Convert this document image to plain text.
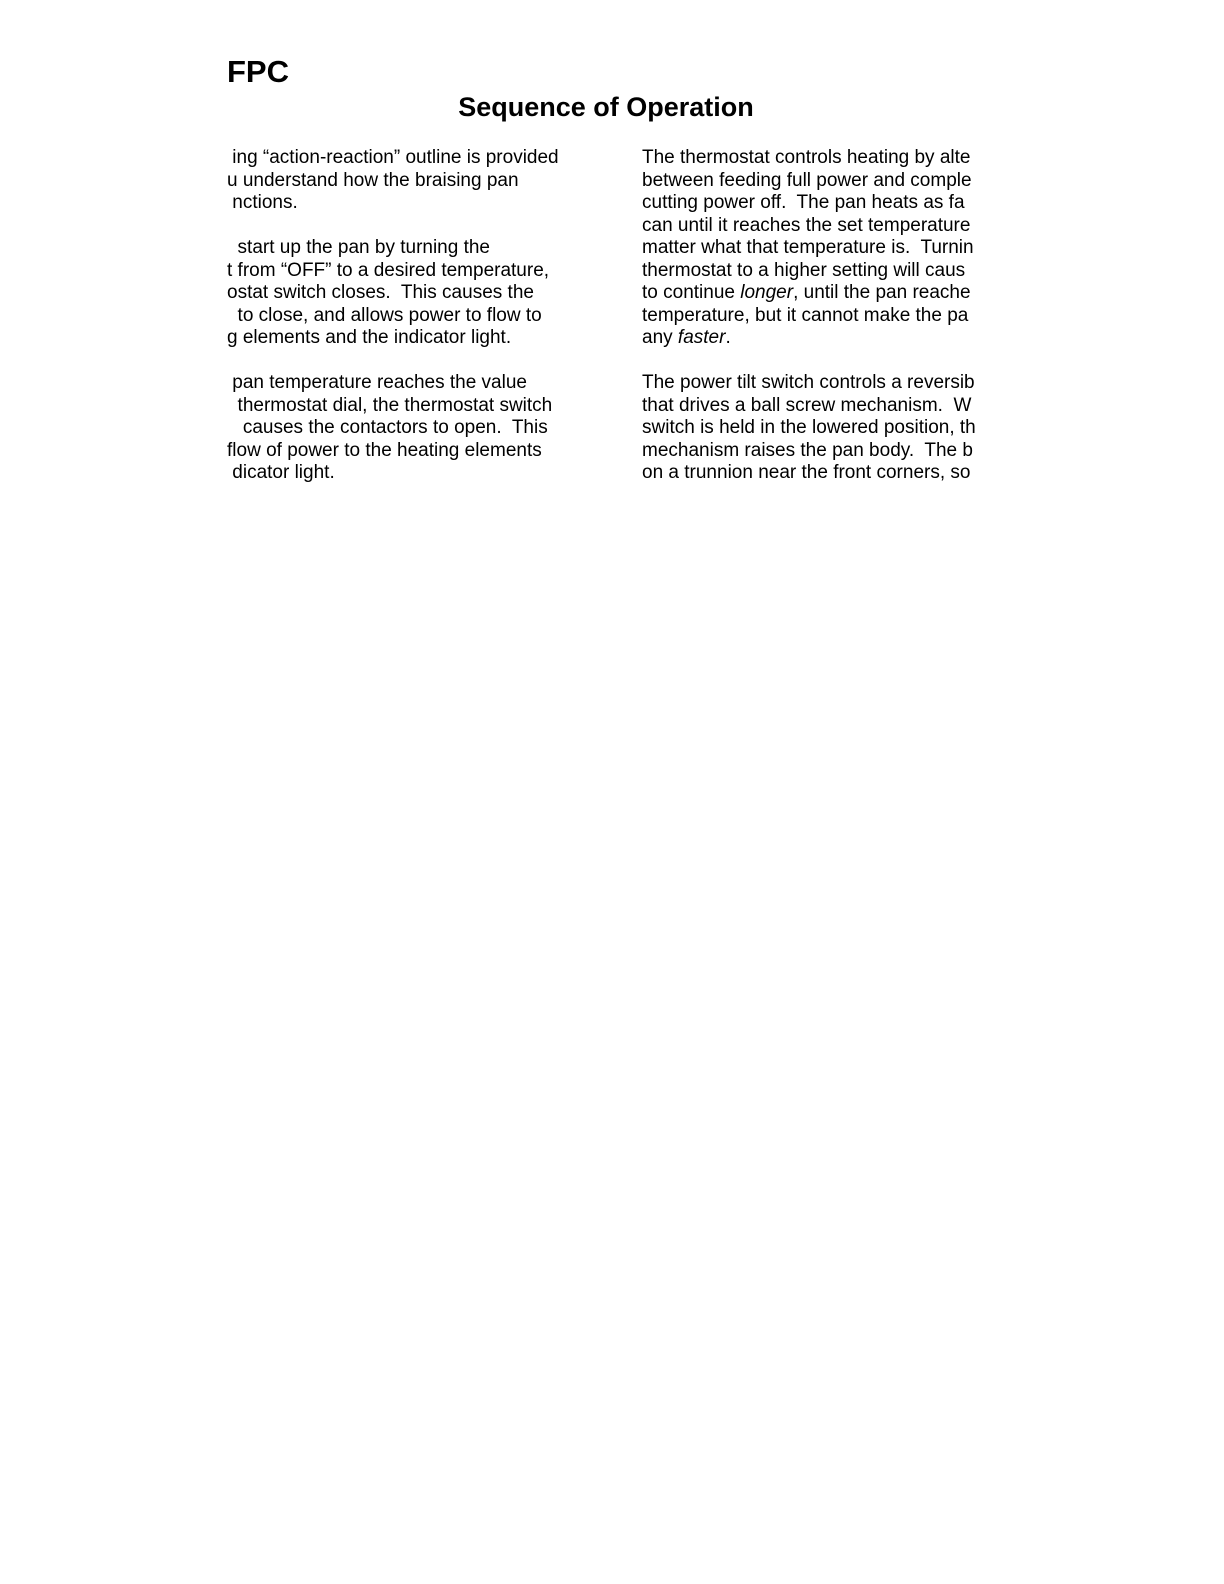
FPC
Sequence of Operation
ing “action-reaction” outline is provided
u understand how the braising pan
nctions.
start up the pan by turning the
t from “OFF” to a desired temperature,
ostat switch closes.  This causes the
to close, and allows power to flow to
g elements and the indicator light.
pan temperature reaches the value
thermostat dial, the thermostat switch
causes the contactors to open.  This
flow of power to the heating elements
dicator light.
The thermostat controls heating by alte
between feeding full power and comple
cutting power off.  The pan heats as fa
can until it reaches the set temperature
matter what that temperature is.  Turnin
thermostat to a higher setting will caus
to continue longer, until the pan reache
temperature, but it cannot make the pa
any faster.
The power tilt switch controls a reversib
that drives a ball screw mechanism.  W
switch is held in the lowered position, th
mechanism raises the pan body.  The b
on a trunnion near the front corners, so
